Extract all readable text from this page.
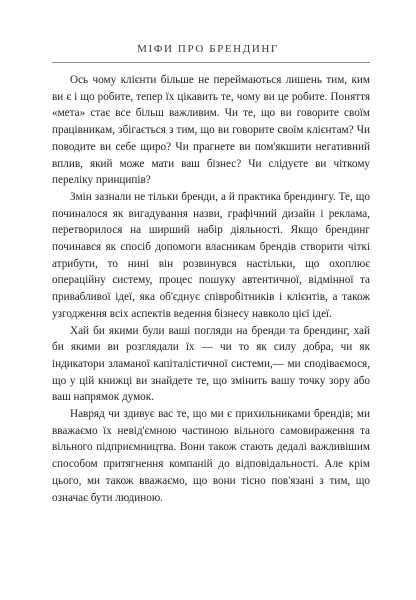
МІФИ ПРО БРЕНДИНГ

Ось чому клієнти більше не переймаються лишень тим, ким ви є і що робите, тепер їх цікавить те, чому ви це робите. Поняття «мета» стає все більш важливим. Чи те, що ви говорите своїм працівникам, збігається з тим, що ви говорите своїм клієнтам? Чи поводите ви себе щиро? Чи прагнете ви пом'якшити негативний вплив, який може мати ваш бізнес? Чи слідуєте ви чіткому переліку принципів?

Змін зазнали не тільки бренди, а й практика брендингу. Те, що починалося як вигадування назви, графічний дизайн і реклама, перетворилося на ширший набір діяльності. Якщо брендинг починався як спосіб допомоги власникам брендів створити чіткі атрибути, то нині він розвинувся настільки, що охоплює операційну систему, процес пошуку автентичної, відмінної та привабливої ідеї, яка об'єднує співробітників і клієнтів, а також узгодження всіх аспектів ведення бізнесу навколо цієї ідеї.

Хай би якими були ваші погляди на бренди та брендинг, хай би якими ви розглядали їх — чи то як силу добра, чи як індикатори зламаної капіталістичної системи,— ми сподіваємося, що у цій книжці ви знайдете те, що змінить вашу точку зору або ваш напрямок думок.

Навряд чи здивує вас те, що ми є прихильниками брендів; ми вважаємо їх невід'ємною частиною вільного самовираження та вільного підприємництва. Вони також стають дедалі важливішим способом притягнення компаній до відповідальності. Але крім цього, ми також вважаємо, що вони тісно пов'язані з тим, що означає бути людиною.
